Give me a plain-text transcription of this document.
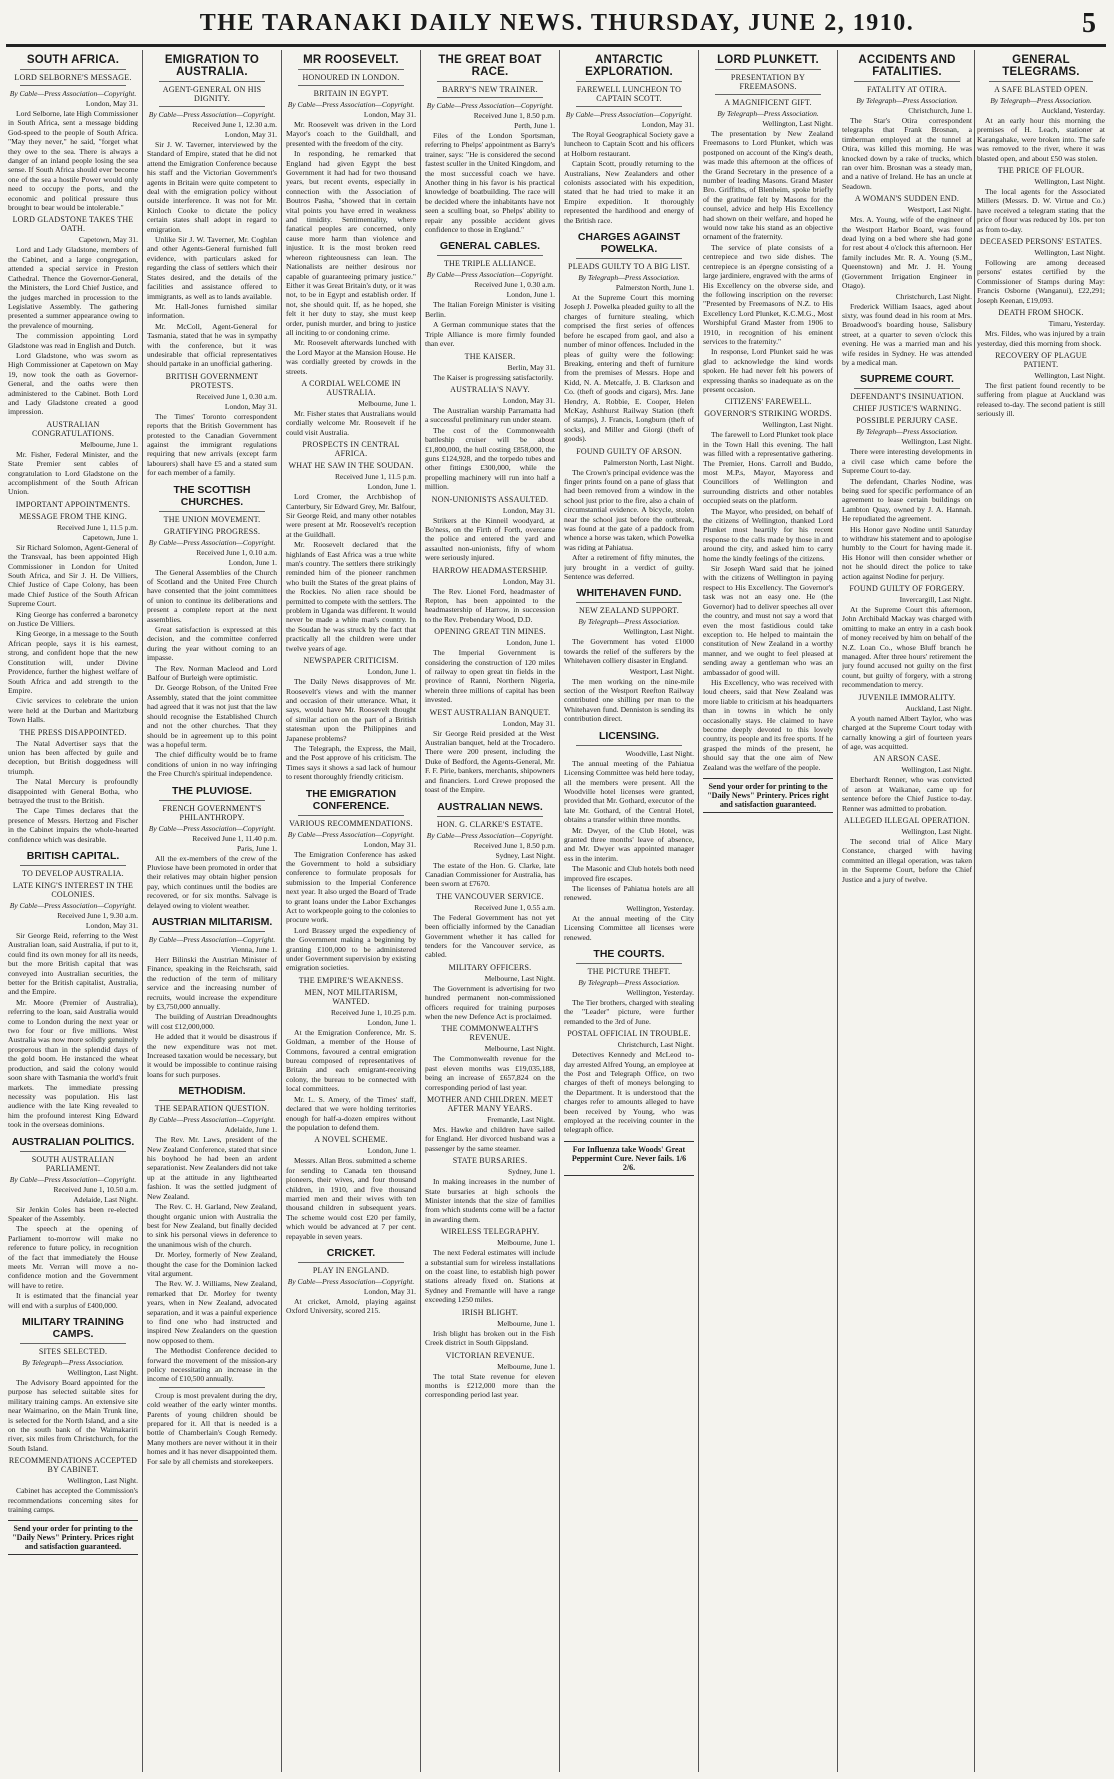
THE TARANAKI DAILY NEWS. THURSDAY, JUNE 2, 1910.	5
SOUTH AFRICA.
LORD SELBORNE'S MESSAGE.
By Cable—Press Association—Copyright.
London, May 31.

Lord Selborne, late High Commissioner in South Africa, sent a message bidding God-speed to the people of South Africa. "May they never," he said, "forget what they owe to the sea. There is always a danger of an inland people losing the sea sense. If South Africa should ever become one of the sea a hostile Power would only need to occupy the ports, and the economic and political pressure thus brought to bear would be intolerable."

LORD GLADSTONE TAKES THE OATH.
Capetown, May 31.

Lord and Lady Gladstone, members of the Cabinet, and a large congregation, attended a special service in Preston Cathedral. Thence the Governor-General, the Ministers, the Lord Chief Justice, and the judges marched in procession to the Legislative Assembly. The gathering presented a summer appearance owing to the prevalence of mourning.

The commission appointing Lord Gladstone was read in English and Dutch.

Lord Gladstone, who was sworn as High Commissioner at Capetown on May 19, now took the oath as Governor-General, and the oaths were then administered to the Cabinet. Both Lord and Lady Gladstone created a good impression.

AUSTRALIAN CONGRATULATIONS.
Melbourne, June 1.

Mr. Fisher, Federal Minister, and the State Premier sent cables of congratulation to Lord Gladstone on the accomplishment of the South African Union.

IMPORTANT APPOINTMENTS.
MESSAGE FROM THE KING.
Received June 1, 11.5 p.m.
Capetown, June 1.

Sir Richard Solomon, Agent-General of the Transvaal, has been appointed High Commissioner in London for United South Africa, and Sir J. H. De Villiers, Chief Justice of Cape Colony, has been made Chief Justice of the South African Supreme Court.

King George has conferred a baronetcy on Justice De Villiers.

King George, in a message to the South African people, says it is his earnest, strong, and confident hope that the new Constitution will, under Divine Providence, further the highest welfare of South Africa and add strength to the Empire.

Civic services to celebrate the union were held at the Durban and Maritzburg Town Halls.

THE PRESS DISAPPOINTED.

The Natal Advertiser says that the union has been affected by guile and deception, but British doggedness will triumph.

The Natal Mercury is profoundly disappointed with General Botha, who betrayed the trust to the British.

The Cape Times declares that the presence of Messrs. Hertzog and Fischer in the Cabinet impairs the whole-hearted confidence which was desirable.

BRITISH CAPITAL.
TO DEVELOP AUSTRALIA.
LATE KING'S INTEREST IN THE COLONIES.
By Cable—Press Association—Copyright.
Received June 1, 9.30 a.m.
London, May 31.

Sir George Reid, referring to the West Australian loan, said Australia, if put to it, could find its own money for all its needs, but the more British capital that was conveyed into Australian securities, the better for the British capitalist, Australia, and the Empire.

Mr. Moore (Premier of Australia), referring to the loan, said Australia would come to London during the next year or two for four or five millions. West Australia was now more solidly genuinely prosperous than in the splendid days of the gold boom. He instanced the wheat production, and said the colony would soon share with Tasmania the world's fruit markets. The immediate pressing necessity was population. His last audience with the late King revealed to him the profound interest King Edward took in the overseas dominions.

AUSTRALIAN POLITICS.
SOUTH AUSTRALIAN PARLIAMENT.
By Cable—Press Association—Copyright.
Received June 1, 10.50 a.m.
Adelaide, Last Night.

Sir Jenkin Coles has been re-elected Speaker of the Assembly.

The speech at the opening of Parliament to-morrow will make no reference to future policy, in recognition of the fact that immediately the House meets Mr. Verran will move a no-confidence motion and the Government will have to retire.

It is estimated that the financial year will end with a surplus of £400,000.

MILITARY TRAINING CAMPS.
SITES SELECTED.
By Telegraph—Press Association.
Wellington, Last Night.

The Advisory Board appointed for the purpose has selected suitable sites for military training camps. An extensive site near Waimarino, on the Main Trunk line, is selected for the North Island, and a site on the south bank of the Waimakariri river, six miles from Christchurch, for the South Island.

RECOMMENDATIONS ACCEPTED BY CABINET.
Wellington, Last Night.

Cabinet has accepted the Commission's recommendations concerning sites for training camps.

Send your order for printing to the "Daily News" Printery. Prices right and satisfaction guaranteed.
EMIGRATION TO AUSTRALIA.
AGENT-GENERAL ON HIS DIGNITY.
By Cable—Press Association—Copyright.
Received June 1, 12.30 a.m.
London, May 31.

Sir J. W. Taverner, interviewed by the Standard of Empire, stated that he did not attend the Emigration Conference because his staff and the Victorian Government's agents in Britain were quite competent to deal with the emigration policy without outside interference. It was not for Mr. Kinloch Cooke to dictate the policy certain states shall adopt in regard to emigration.

Unlike Sir J. W. Taverner, Mr. Coghlan and other Agents-General furnished full evidence, with particulars asked for regarding the class of settlers which their States desired, and the details of the facilities and assistance offered to immigrants, as well as to lands available.

Mr. Hall-Jones furnished similar information.

Mr. McColl, Agent-General for Tasmania, stated that he was in sympathy with the conference, but it was undesirable that official representatives should partake in an unofficial gathering.

BRITISH GOVERNMENT PROTESTS.
Received June 1, 0.30 a.m.
London, May 31.

The Times' Toronto correspondent reports that the British Government has protested to the Canadian Government against the immigrant regulations requiring that new arrivals (except farm labourers) shall have £5 and a stated sum for each member of a family.

THE SCOTTISH CHURCHES.
THE UNION MOVEMENT.
GRATIFYING PROGRESS.
By Cable—Press Association—Copyright.
Received June 1, 0.10 a.m.
London, June 1.

The General Assemblies of the Church of Scotland and the United Free Church have consented that the joint committees of union to continue its deliberations and present a complete report at the next assemblies.

Great satisfaction is expressed at this decision, and the committee conferred during the year without coming to an impasse.

The Rev. Norman Macleod and Lord Balfour of Burleigh were optimistic.

Dr. George Robson, of the United Free Assembly, stated that the joint committee had agreed that it was not just that the law should recognise the Established Church and not the other churches. That they should be in agreement up to this point was a hopeful term.

The chief difficulty would be to frame conditions of union in no way infringing the Free Church's spiritual independence.

THE PLUVIOSE.
FRENCH GOVERNMENT'S PHILANTHROPY.
By Cable—Press Association—Copyright.
Received June 1, 11.40 p.m.
Paris, June 1.

All the ex-members of the crew of the Pluviose have been promoted in order that their relatives may obtain higher pension pay, which continues until the bodies are recovered, or for six months. Salvage is delayed owing to violent weather.

AUSTRIAN MILITARISM.
By Cable—Press Association—Copyright.
Vienna, June 1.

Herr Bilinski the Austrian Minister of Finance, speaking in the Reichsrath, said the reduction of the term of military service and the increasing number of recruits, would increase the expenditure by £3,750,000 annually.

The building of Austrian Dreadnoughts will cost £12,000,000.

He added that it would be disastrous if the new expenditure was not met. Increased taxation would be necessary, but it would be impossible to continue raising loans for such purposes.

METHODISM.
THE SEPARATION QUESTION.
By Cable—Press Association—Copyright.
Adelaide, June 1.

The Rev. Mr. Laws, president of the New Zealand Conference, stated that since his boyhood he had been an ardent separationist. New Zealanders did not take up at the attitude in any lighthearted fashion. It was the settled judgment of New Zealand.

The Rev. C. H. Garland, New Zealand, thought organic union with Australia the best for New Zealand, but finally decided to sink his personal views in deference to the unanimous wish of the church.

Dr. Morley, formerly of New Zealand, thought the case for the Dominion lacked vital argument.

The Rev. W. J. Williams, New Zealand, remarked that Dr. Morley for twenty years, when in New Zealand, advocated separation, and it was a painful experience to find one who had instructed and inspired New Zealanders on the question now opposed to them.

The Methodist Conference decided to forward the movement of the mission-ary policy necessitating an increase in the income of £10,500 annually.

Croup is most prevalent during the dry, cold weather of the early winter months. Parents of young children should be prepared for it. All that is needed is a bottle of Chamberlain's Cough Remedy. Many mothers are never without it in their homes and it has never disappointed them. For sale by all chemists and storekeepers.

MR ROOSEVELT.
HONOURED IN LONDON.
BRITAIN IN EGYPT.
By Cable—Press Association—Copyright.
London, May 31.

Mr. Roosevelt was driven in the Lord Mayor's coach to the Guildhall, and presented with the freedom of the city.

In responding, he remarked that England had given Egypt the best Government it had had for two thousand years, but recent events, especially in connection with the Association of Boutros Pasha, "showed that in certain vital points you have erred in weakness and timidity. Sentimentality, where fanatical peoples are concerned, only cause more harm than violence and injustice. It is the most broken reed whereon righteousness can lean. The Nationalists are neither desirous nor capable of guaranteeing primary justice." Either it was Great Britain's duty, or it was not, to be in Egypt and establish order. If not, she should quit. If, as he hoped, she felt it her duty to stay, she must keep order, punish murder, and bring to justice all inciting to or condoning crime.

Mr. Roosevelt afterwards lunched with the Lord Mayor at the Mansion House. He was cordially greeted by crowds in the streets.

A CORDIAL WELCOME IN AUSTRALIA.
Melbourne, June 1.

Mr. Fisher states that Australians would cordially welcome Mr. Roosevelt if he could visit Australia.

PROSPECTS IN CENTRAL AFRICA.
WHAT HE SAW IN THE SOUDAN.
Received June 1, 11.5 p.m.
London, June 1.

Lord Cromer, the Archbishop of Canterbury, Sir Edward Grey, Mr. Balfour, Sir George Reid, and many other notables were present at Mr. Roosevelt's reception at the Guildhall.

Mr. Roosevelt declared that the highlands of East Africa was a true white man's country. The settlers there strikingly reminded him of the pioneer ranchmen who built the States of the great plains of the Rockies. No alien race should be permitted to compete with the settlers. The problem in Uganda was different. It would never be made a white man's country. In the Soudan he was struck by the fact that practically all the children were under twelve years of age.

NEWSPAPER CRITICISM.
London, June 1.

The Daily News disapproves of Mr. Roosevelt's views and with the manner and occasion of their utterance. What, it says, would have Mr. Roosevelt thought of similar action on the part of a British statesman upon the Philippines and Japanese problems?

The Telegraph, the Express, the Mail, and the Post approve of his criticism. The Times says it shows a sad lack of humour to resent thoroughly friendly criticism.

THE EMIGRATION CONFERENCE.
VARIOUS RECOMMENDATIONS.
By Cable—Press Association—Copyright.
London, May 31.

The Emigration Conference has asked the Government to hold a subsidiary conference to formulate proposals for submission to the Imperial Conference next year. It also urged the Board of Trade to grant loans under the Labor Exchanges Act to workpeople going to the colonies to procure work.

Lord Brassey urged the expediency of the Government making a beginning by granting £100,000 to be administered under Government supervision by existing emigration societies.

THE EMPIRE'S WEAKNESS.
MEN, NOT MILITARISM, WANTED.
Received June 1, 10.25 p.m.
London, June 1.

At the Emigration Conference, Mr. S. Goldman, a member of the House of Commons, favoured a central emigration bureau composed of representatives of Britain and each emigrant-receiving colony, the bureau to be connected with local committees.

Mr. L. S. Amery, of the Times' staff, declared that we were holding territories enough for half-a-dozen empires without the population to defend them.

A NOVEL SCHEME.
London, June 1.

Messrs. Allan Bros. submitted a scheme for sending to Canada ten thousand pioneers, their wives, and four thousand children, in 1910, and five thousand married men and their wives with ten thousand children in subsequent years. The scheme would cost £20 per family, which would be advanced at 7 per cent. repayable in seven years.

CRICKET.
PLAY IN ENGLAND.
By Cable—Press Association—Copyright.
London, May 31.

At cricket, Arnold, playing against Oxford University, scored 215.

THE GREAT BOAT RACE.
BARRY'S NEW TRAINER.
By Cable—Press Association—Copyright.
Received June 1, 8.50 p.m.
Perth, June 1.

Files of the London Sportsman, referring to Phelps' appointment as Barry's trainer, says: "He is considered the second fastest sculler in the United Kingdom, and the most successful coach we have. Another thing in his favor is his practical knowledge of boatbuilding. The race will be decided where the inhabitants have not seen a sculling boat, so Phelps' ability to repair any possible accident gives confidence to those in England."

GENERAL CABLES.
THE TRIPLE ALLIANCE.
By Cable—Press Association—Copyright.
Received June 1, 0.30 a.m.
London, June 1.

The Italian Foreign Minister is visiting Berlin.

A German communique states that the Triple Alliance is more firmly founded than ever.

THE KAISER.
Berlin, May 31.

The Kaiser is progressing satisfactorily.

AUSTRALIA'S NAVY.
London, May 31.

The Australian warship Parramatta had a successful preliminary run under steam.

The cost of the Commonwealth battleship cruiser will be about £1,800,000, the hull costing £858,000, the guns £124,928, and the torpedo tubes and other fittings £300,000, while the propelling machinery will run into half a million.

NON-UNIONISTS ASSAULTED.
London, May 31.

Strikers at the Kinneil woodyard, at Bo'ness, on the Firth of Forth, overcame the police and entered the yard and assaulted non-unionists, fifty of whom were seriously injured.

HARROW HEADMASTERSHIP.
London, May 31.

The Rev. Lionel Ford, headmaster of Repton, has been appointed to the headmastership of Harrow, in succession to the Rev. Prebendary Wood, D.D.

OPENING GREAT TIN MINES.
London, June 1.

The Imperial Government is considering the construction of 120 miles of railway to open great tin fields in the province of Ranni, Northern Nigeria, wherein three millions of capital has been invested.

WEST AUSTRALIAN BANQUET.
London, May 31.

Sir George Reid presided at the West Australian banquet, held at the Trocadero. There were 200 present, including the Duke of Bedford, the Agents-General, Mr. F. F. Pirie, bankers, merchants, shipowners and financiers. Lord Crewe proposed the toast of the Empire.

AUSTRALIAN NEWS.
HON. G. CLARKE'S ESTATE.
By Cable—Press Association—Copyright.
Received June 1, 8.50 p.m.
Sydney, Last Night.

The estate of the Hon. G. Clarke, late Canadian Commissioner for Australia, has been sworn at £7670.

THE VANCOUVER SERVICE.
Received June 1, 0.55 a.m.

The Federal Government has not yet been officially informed by the Canadian Government whether it has called for tenders for the Vancouver service, as cabled.

MILITARY OFFICERS.
Melbourne, Last Night.

The Government is advertising for two hundred permanent non-commissioned officers required for training purposes when the new Defence Act is proclaimed.

THE COMMONWEALTH'S REVENUE.
Melbourne, Last Night.

The Commonwealth revenue for the past eleven months was £19,035,188, being an increase of £657,824 on the corresponding period of last year.

MOTHER AND CHILDREN. MEET AFTER MANY YEARS.
Fremantle, Last Night.

Mrs. Hawke and children have sailed for England. Her divorced husband was a passenger by the same steamer.

STATE BURSARIES.
Sydney, June 1.

In making increases in the number of State bursaries at high schools the Minister intends that the size of families from which students come will be a factor in awarding them.

WIRELESS TELEGRAPHY.
Melbourne, June 1.

The next Federal estimates will include a substantial sum for wireless installations on the coast line, to establish high power stations already fixed on. Stations at Sydney and Fremantle will have a range exceeding 1250 miles.

IRISH BLIGHT.
Melbourne, June 1.

Irish blight has broken out in the Fish Creek district in South Gippsland.

VICTORIAN REVENUE.
Melbourne, June 1.

The total State revenue for eleven months is £212,000 more than the corresponding period last year.

ANTARCTIC EXPLORATION.
FAREWELL LUNCHEON TO CAPTAIN SCOTT.
By Cable—Press Association—Copyright.
London, May 31.

The Royal Geographical Society gave a luncheon to Captain Scott and his officers at Holborn restaurant.

Captain Scott, proudly returning to the Australians, New Zealanders and other colonists associated with his expedition, stated that he had tried to make it an Empire expedition. It thoroughly represented the hardihood and energy of the British race.

CHARGES AGAINST POWELKA.
PLEADS GUILTY TO A BIG LIST.
By Telegraph—Press Association.
Palmerston North, June 1.

At the Supreme Court this morning Joseph J. Powelka pleaded guilty to all the charges of furniture stealing, which comprised the first series of offences before he escaped from gaol, and also a number of minor offences. Included in the pleas of guilty were the following: Breaking, entering and theft of furniture from the premises of Messrs. Hope and Kidd, N. A. Metcalfe, J. B. Clarkson and Co. (theft of goods and cigars), Mrs. Jane Hendry, A. Robbie, E. Cooper, Helen McKay, Ashhurst Railway Station (theft of stamps), J. Francis, Longburn (theft of socks), and Miller and Giorgi (theft of goods).

FOUND GUILTY OF ARSON.
Palmerston North, Last Night.

The Crown's principal evidence was the finger prints found on a pane of glass that had been removed from a window in the school just prior to the fire, also a chain of circumstantial evidence. A bicycle, stolen near the school just before the outbreak, was found at the gate of a paddock from whence a horse was taken, which Powelka was riding at Pahiatua.

After a retirement of fifty minutes, the jury brought in a verdict of guilty. Sentence was deferred.

WHITEHAVEN FUND.
NEW ZEALAND SUPPORT.
By Telegraph—Press Association.
Wellington, Last Night.

The Government has voted £1000 towards the relief of the sufferers by the Whitehaven colliery disaster in England.

Westport, Last Night.

The men working on the nine-mile section of the Westport Reefton Railway contributed one shilling per man to the Whitehaven fund. Denniston is sending its contribution direct.

LICENSING.
Woodville, Last Night.

The annual meeting of the Pahiatua Licensing Committee was held here today, all the members were present. All the Woodville hotel licenses were granted, provided that Mr. Gothard, executor of the late Mr. Gothard, of the Central Hotel, obtains a transfer within three months.

Mr. Dwyer, of the Club Hotel, was granted three months' leave of absence, and Mr. Dwyer was appointed manager ess in the interim.

The Masonic and Club hotels both need improved fire escapes.

The licenses of Pahiatua hotels are all renewed.

Wellington, Yesterday.

At the annual meeting of the City Licensing Committee all licenses were renewed.

THE COURTS.
THE PICTURE THEFT.
By Telegraph—Press Association.
Wellington, Yesterday.

The Tier brothers, charged with stealing the "Leader" picture, were further remanded to the 3rd of June.

POSTAL OFFICIAL IN TROUBLE.
Christchurch, Last Night.

Detectives Kennedy and McLeod to-day arrested Alfred Young, an employee at the Post and Telegraph Office, on two charges of theft of moneys belonging to the Department. It is understood that the charges refer to amounts alleged to have been received by Young, who was employed at the receiving counter in the telegraph office.

For Influenza take Woods' Great Peppermint Cure. Never fails. 1/6 2/6.
LORD PLUNKETT.
PRESENTATION BY FREEMASONS.
A MAGNIFICENT GIFT.
By Telegraph—Press Association.
Wellington, Last Night.

The presentation by New Zealand Freemasons to Lord Plunket, which was postponed on account of the King's death, was made this afternoon at the offices of the Grand Secretary in the presence of a number of leading Masons. Grand Master Bro. Griffiths, of Blenheim, spoke briefly of the gratitude felt by Masons for the counsel, advice and help His Excellency had shown on their welfare, and hoped he would now take his stand as an objective ornament of the fraternity.

The service of plate consists of a centrepiece and two side dishes. The centrepiece is an épergne consisting of a large jardiniere, engraved with the arms of His Excellency on the obverse side, and the following inscription on the reverse: "Presented by Freemasons of N.Z. to His Excellency Lord Plunket, K.C.M.G., Most Worshipful Grand Master from 1906 to 1910, in recognition of his eminent services to the fraternity."

In response, Lord Plunket said he was glad to acknowledge the kind words spoken. He had never felt his powers of expressing thanks so inadequate as on the present occasion.

CITIZENS' FAREWELL.
GOVERNOR'S STRIKING WORDS.
Wellington, Last Night.

The farewell to Lord Plunket took place in the Town Hall this evening. The hall was filled with a representative gathering. The Premier, Hons. Carroll and Buddo, most M.P.s, Mayor, Mayoress and Councillors of Wellington and surrounding districts and other notables occupied seats on the platform.

The Mayor, who presided, on behalf of the citizens of Wellington, thanked Lord Plunket most heartily for his recent response to the calls made by those in and around the city, and asked him to carry home the kindly feelings of the citizens.

Sir Joseph Ward said that he joined with the citizens of Wellington in paying respect to His Excellency. The Governor's task was not an easy one. He (the Governor) had to deliver speeches all over the country, and must not say a word that even the most fastidious could take exception to. He helped to maintain the constitution of New Zealand in a worthy manner, and we ought to feel pleased at sending away a gentleman who was an ambassador of good will.

His Excellency, who was received with loud cheers, said that New Zealand was more liable to criticism at his headquarters than in towns in which he only occasionally stays. He claimed to have become deeply devoted to this lovely country, its people and its free sports. If he grasped the minds of the present, he should say that the one aim of New Zealand was the welfare of the people.

Send your order for printing to the "Daily News" Printery. Prices right and satisfaction guaranteed.
ACCIDENTS AND FATALITIES.
FATALITY AT OTIRA.
By Telegraph—Press Association.
Christchurch, June 1.

The Star's Otira correspondent telegraphs that Frank Brosnan, a timberman employed at the tunnel at Otira, was killed this morning. He was knocked down by a rake of trucks, which ran over him. Brosnan was a steady man, and a native of Ireland. He has an uncle at Seadown.

A WOMAN'S SUDDEN END.
Westport, Last Night.

Mrs. A. Young, wife of the engineer of the Westport Harbor Board, was found dead lying on a bed where she had gone for rest about 4 o'clock this afternoon. Her family includes Mr. R. A. Young (S.M., Queenstown) and Mr. J. H. Young (Government Irrigation Engineer in Otago).

Christchurch, Last Night.

Frederick William Isaacs, aged about sixty, was found dead in his room at Mrs. Broadwood's boarding house, Salisbury street, at a quarter to seven o'clock this evening. He was a married man and his wife resides in Sydney. He was attended by a medical man.

SUPREME COURT.
DEFENDANT'S INSINUATION.
CHIEF JUSTICE'S WARNING.
POSSIBLE PERJURY CASE.
By Telegraph—Press Association.
Wellington, Last Night.

There were interesting developments in a civil case which came before the Supreme Court to-day.

The defendant, Charles Nodine, was being sued for specific performance of an agreement to lease certain buildings on Lambton Quay, owned by J. A. Hannah. He repudiated the agreement.

His Honor gave Nodine until Saturday to withdraw his statement and to apologise humbly to the Court for having made it. His Honor will then consider whether or not he should direct the police to take action against Nodine for perjury.

FOUND GUILTY OF FORGERY.
Invercargill, Last Night.

At the Supreme Court this afternoon, John Archibald Mackay was charged with omitting to make an entry in a cash book of money received by him on behalf of the N.Z. Loan Co., whose Bluff branch he managed. After three hours' retirement the jury found accused not guilty on the first count, but guilty of forgery, with a strong recommendation to mercy.

JUVENILE IMMORALITY.
Auckland, Last Night.

A youth named Albert Taylor, who was charged at the Supreme Court today with carnally knowing a girl of fourteen years of age, was acquitted.

AN ARSON CASE.
Wellington, Last Night.

Eberhardt Renner, who was convicted of arson at Waikanae, came up for sentence before the Chief Justice to-day. Renner was admitted to probation.

ALLEGED ILLEGAL OPERATION.
Wellington, Last Night.

The second trial of Alice Mary Constance, charged with having committed an illegal operation, was taken in the Supreme Court, before the Chief Justice and a jury of twelve.

GENERAL TELEGRAMS.
A SAFE BLASTED OPEN.
By Telegraph—Press Association.
Auckland, Yesterday.

At an early hour this morning the premises of H. Leach, stationer at Karangahake, were broken into. The safe was removed to the river, where it was blasted open, and about £50 was stolen.

THE PRICE OF FLOUR.
Wellington, Last Night.

The local agents for the Associated Millers (Messrs. D. W. Virtue and Co.) have received a telegram stating that the price of flour was reduced by 10s. per ton as from to-day.

DECEASED PERSONS' ESTATES.
Wellington, Last Night.

Following are among deceased persons' estates certified by the Commissioner of Stamps during May: Francis Osborne (Wanganui), £22,291; Joseph Keenan, £19,093.

DEATH FROM SHOCK.
Timaru, Yesterday.

Mrs. Fildes, who was injured by a train yesterday, died this morning from shock.

RECOVERY OF PLAGUE PATIENT.
Wellington, Last Night.

The first patient found recently to be suffering from plague at Auckland was released to-day. The second patient is still seriously ill.
